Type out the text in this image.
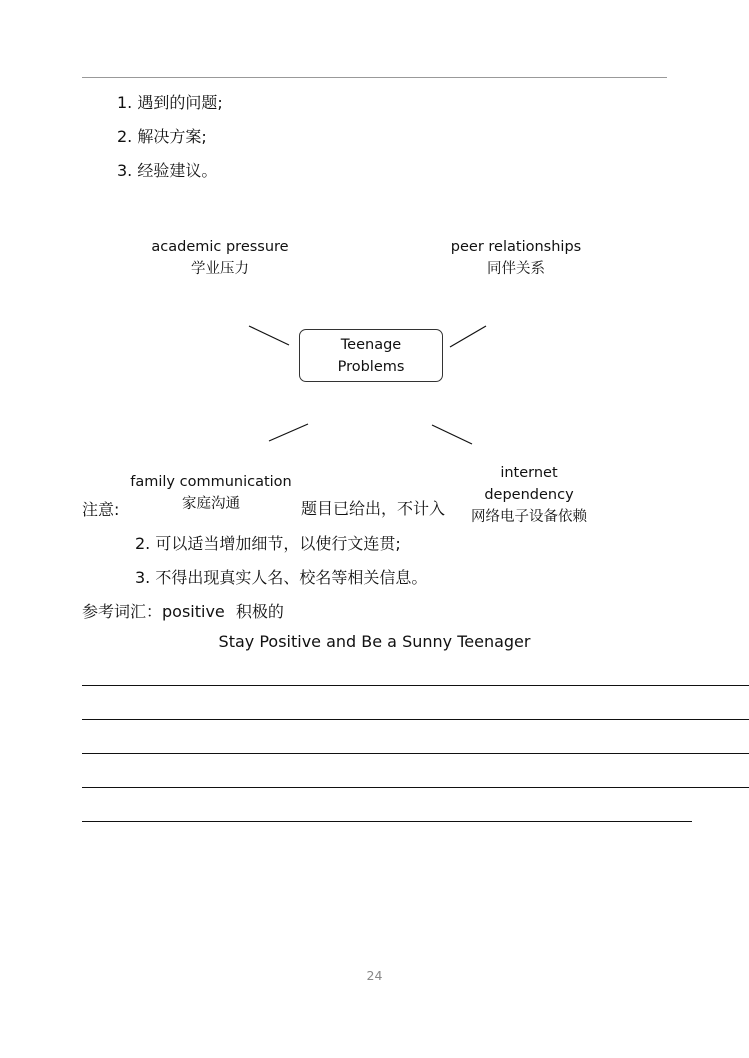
1. 遇到的问题;
2. 解决方案;
3. 经验建议。
Teenage
Problems
academic pressure
学业压力
peer relationships
同伴关系
family communication
家庭沟通
internet
dependency
网络电子设备依赖
注意:	题目已给出，不计入
2. 可以适当增加细节，以使行文连贯;
3. 不得出现真实人名、校名等相关信息。
参考词汇：positive 积极的
Stay Positive and Be a Sunny Teenager
24
